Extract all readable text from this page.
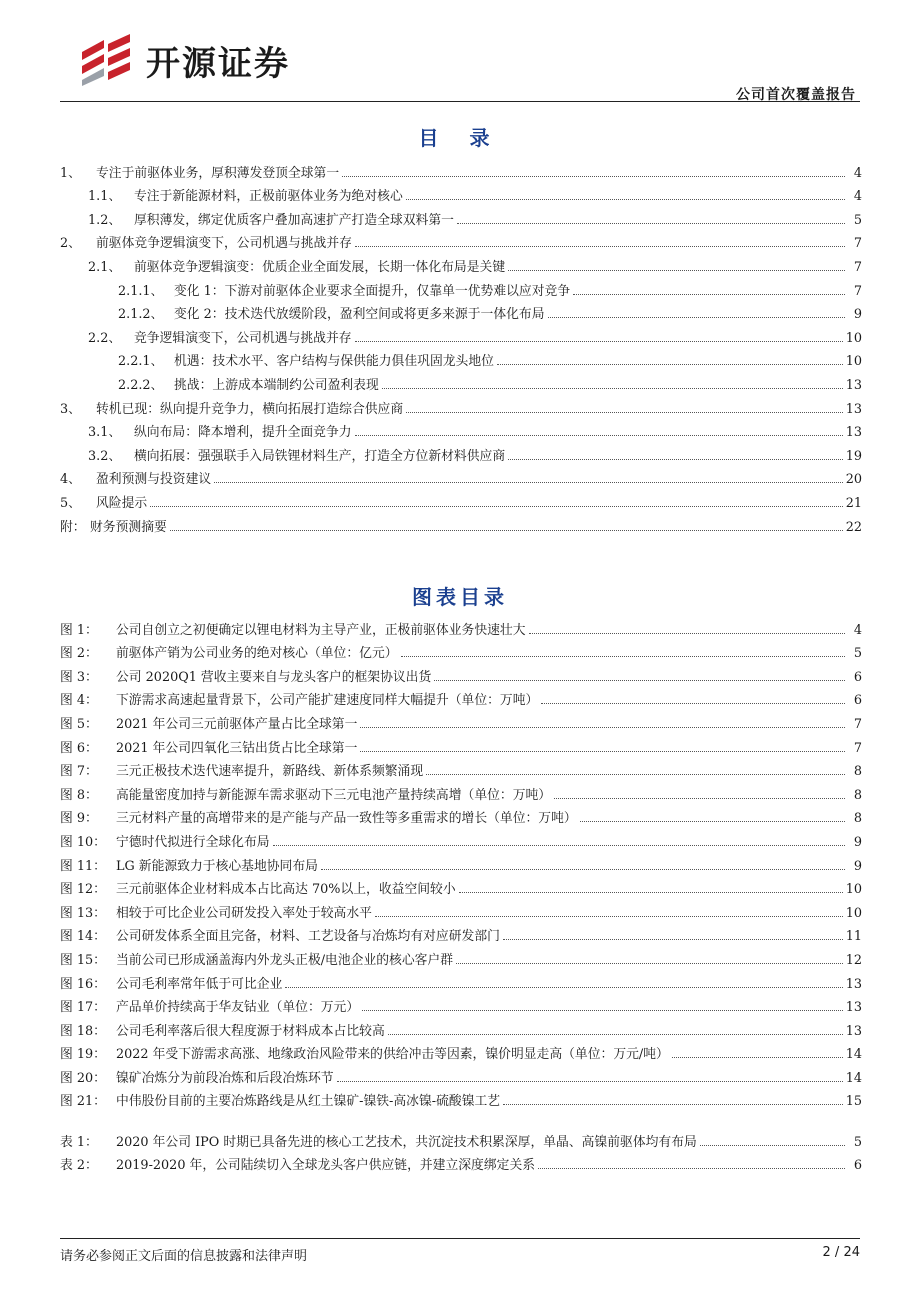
开源证券
公司首次覆盖报告
目 录
1、	专注于前驱体业务，厚积薄发登顶全球第一	4
1.1、	专注于新能源材料，正极前驱体业务为绝对核心	4
1.2、	厚积薄发，绑定优质客户叠加高速扩产打造全球双料第一	5
2、	前驱体竞争逻辑演变下，公司机遇与挑战并存	7
2.1、	前驱体竞争逻辑演变：优质企业全面发展，长期一体化布局是关键	7
2.1.1、 变化 1：下游对前驱体企业要求全面提升，仅靠单一优势难以应对竞争	7
2.1.2、 变化 2：技术迭代放缓阶段，盈利空间或将更多来源于一体化布局	9
2.2、	竞争逻辑演变下，公司机遇与挑战并存	10
2.2.1、 机遇：技术水平、客户结构与保供能力俱佳巩固龙头地位	10
2.2.2、 挑战：上游成本端制约公司盈利表现	13
3、	转机已现：纵向提升竞争力，横向拓展打造综合供应商	13
3.1、	纵向布局：降本增利，提升全面竞争力	13
3.2、	横向拓展：强强联手入局铁锂材料生产，打造全方位新材料供应商	19
4、	盈利预测与投资建议	20
5、	风险提示	21
附： 财务预测摘要	22
图表目录
图 1：	公司自创立之初便确定以锂电材料为主导产业，正极前驱体业务快速壮大	4
图 2：	前驱体产销为公司业务的绝对核心（单位：亿元）	5
图 3：	公司 2020Q1 营收主要来自与龙头客户的框架协议出货	6
图 4：	下游需求高速起量背景下，公司产能扩建速度同样大幅提升（单位：万吨）	6
图 5：	2021 年公司三元前驱体产量占比全球第一	7
图 6：	2021 年公司四氧化三钴出货占比全球第一	7
图 7：	三元正极技术迭代速率提升，新路线、新体系频繁涌现	8
图 8：	高能量密度加持与新能源车需求驱动下三元电池产量持续高增（单位：万吨）	8
图 9：	三元材料产量的高增带来的是产能与产品一致性等多重需求的增长（单位：万吨）	8
图 10： 宁德时代拟进行全球化布局	9
图 11： LG 新能源致力于核心基地协同布局	9
图 12： 三元前驱体企业材料成本占比高达 70%以上，收益空间较小	10
图 13： 相较于可比企业公司研发投入率处于较高水平	10
图 14： 公司研发体系全面且完备，材料、工艺设备与冶炼均有对应研发部门	11
图 15： 当前公司已形成涵盖海内外龙头正极/电池企业的核心客户群	12
图 16： 公司毛利率常年低于可比企业	13
图 17： 产品单价持续高于华友钴业（单位：万元）	13
图 18： 公司毛利率落后很大程度源于材料成本占比较高	13
图 19： 2022 年受下游需求高涨、地缘政治风险带来的供给冲击等因素，镍价明显走高（单位：万元/吨）	14
图 20： 镍矿冶炼分为前段冶炼和后段冶炼环节	14
图 21： 中伟股份目前的主要冶炼路线是从红土镍矿-镍铁-高冰镍-硫酸镍工艺	15
表 1：	2020 年公司 IPO 时期已具备先进的核心工艺技术，共沉淀技术积累深厚，单晶、高镍前驱体均有布局	5
表 2：	2019-2020 年，公司陆续切入全球龙头客户供应链，并建立深度绑定关系	6
请务必参阅正文后面的信息披露和法律声明	2 / 24
